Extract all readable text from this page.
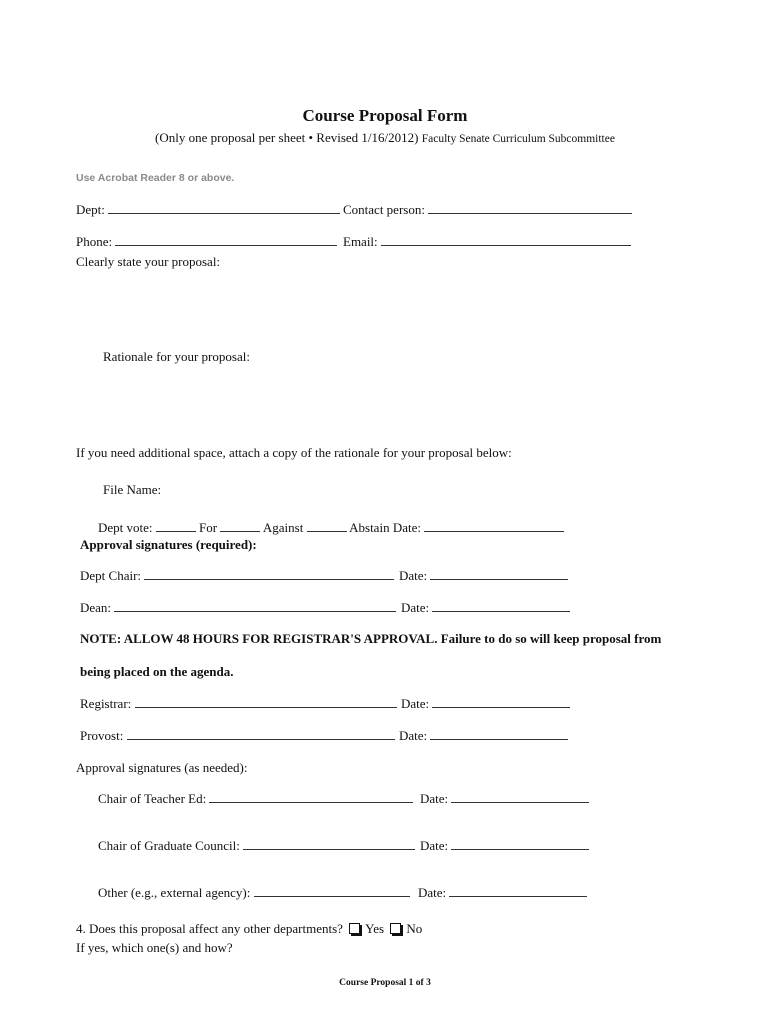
Course Proposal Form
(Only one proposal per sheet • Revised 1/16/2012) Faculty Senate Curriculum Subcommittee
Use Acrobat Reader 8 or above.
Dept:	Contact person:
Phone:	Email:
Clearly state your proposal:
Rationale for your proposal:
If you need additional space, attach a copy of the rationale for your proposal below:
File Name:
Dept vote:	For	Against	Abstain Date:
Approval signatures (required):
Dept Chair:	Date:
Dean:	Date:
NOTE: ALLOW 48 HOURS FOR REGISTRAR'S APPROVAL. Failure to do so will keep proposal from
being placed on the agenda.
Registrar:	Date:
Provost:	Date:
Approval signatures (as needed):
Chair of Teacher Ed:	Date:
Chair of Graduate Council:	Date:
Other (e.g., external agency):	Date:
4. Does this proposal affect any other departments? Yes No
If yes, which one(s) and how?
Course Proposal 1 of 3
